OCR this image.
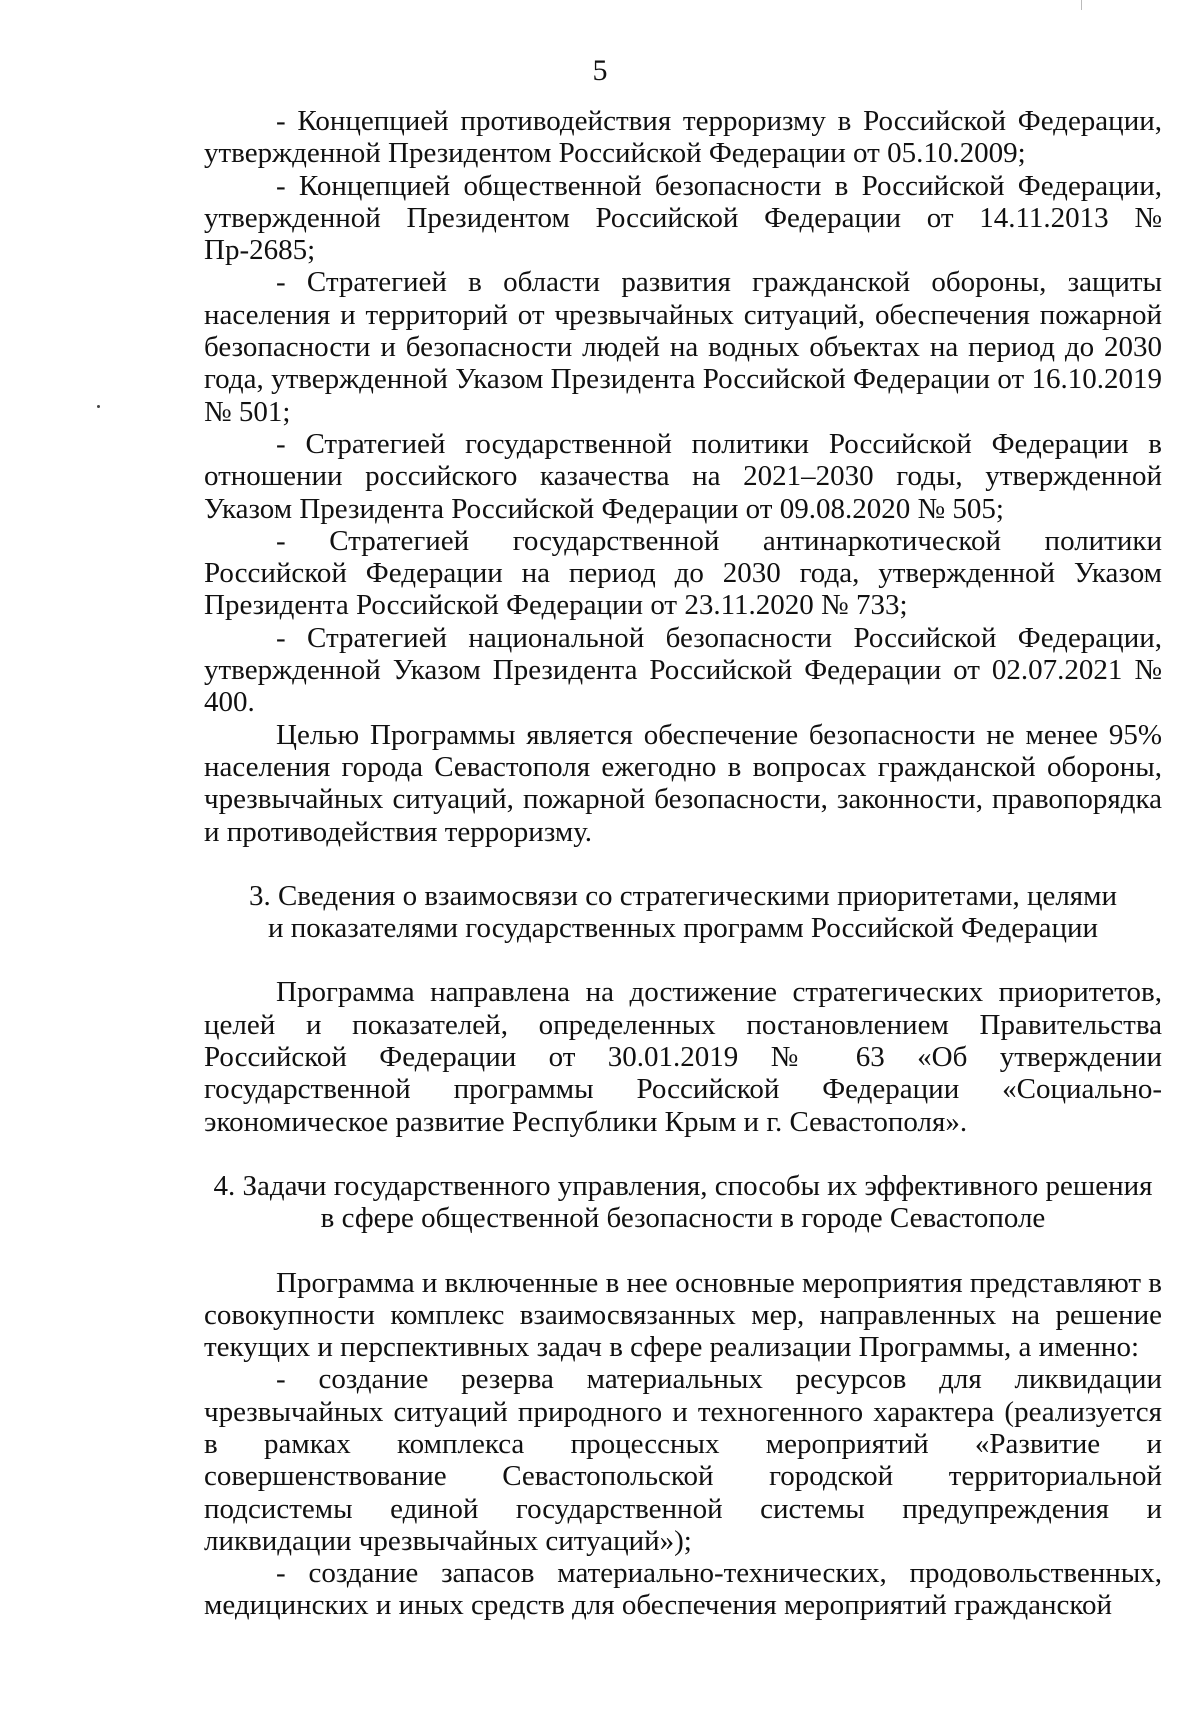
5

- Концепцией противодействия терроризму в Российской Федерации, утвержденной Президентом Российской Федерации от 05.10.2009;

- Концепцией общественной безопасности в Российской Федерации, утвержденной Президентом Российской Федерации от 14.11.2013 № Пр-2685;

- Стратегией в области развития гражданской обороны, защиты населения и территорий от чрезвычайных ситуаций, обеспечения пожарной безопасности и безопасности людей на водных объектах на период до 2030 года, утвержденной Указом Президента Российской Федерации от 16.10.2019 № 501;

- Стратегией государственной политики Российской Федерации в отношении российского казачества на 2021–2030 годы, утвержденной Указом Президента Российской Федерации от 09.08.2020 № 505;

- Стратегией государственной антинаркотической политики Российской Федерации на период до 2030 года, утвержденной Указом Президента Российской Федерации от 23.11.2020 № 733;

- Стратегией национальной безопасности Российской Федерации, утвержденной Указом Президента Российской Федерации от 02.07.2021 № 400.

Целью Программы является обеспечение безопасности не менее 95% населения города Севастополя ежегодно в вопросах гражданской обороны, чрезвычайных ситуаций, пожарной безопасности, законности, правопорядка и противодействия терроризму.

3. Сведения о взаимосвязи со стратегическими приоритетами, целями
и показателями государственных программ Российской Федерации

Программа направлена на достижение стратегических приоритетов, целей и показателей, определенных постановлением Правительства Российской Федерации от 30.01.2019 № 63 «Об утверждении государственной программы Российской Федерации «Социально-экономическое развитие Республики Крым и г. Севастополя».

4. Задачи государственного управления, способы их эффективного решения
в сфере общественной безопасности в городе Севастополе

Программа и включенные в нее основные мероприятия представляют в совокупности комплекс взаимосвязанных мер, направленных на решение текущих и перспективных задач в сфере реализации Программы, а именно:

- создание резерва материальных ресурсов для ликвидации чрезвычайных ситуаций природного и техногенного характера (реализуется в рамках комплекса процессных мероприятий «Развитие и совершенствование Севастопольской городской территориальной подсистемы единой государственной системы предупреждения и ликвидации чрезвычайных ситуаций»);

- создание запасов материально-технических, продовольственных, медицинских и иных средств для обеспечения мероприятий гражданской
